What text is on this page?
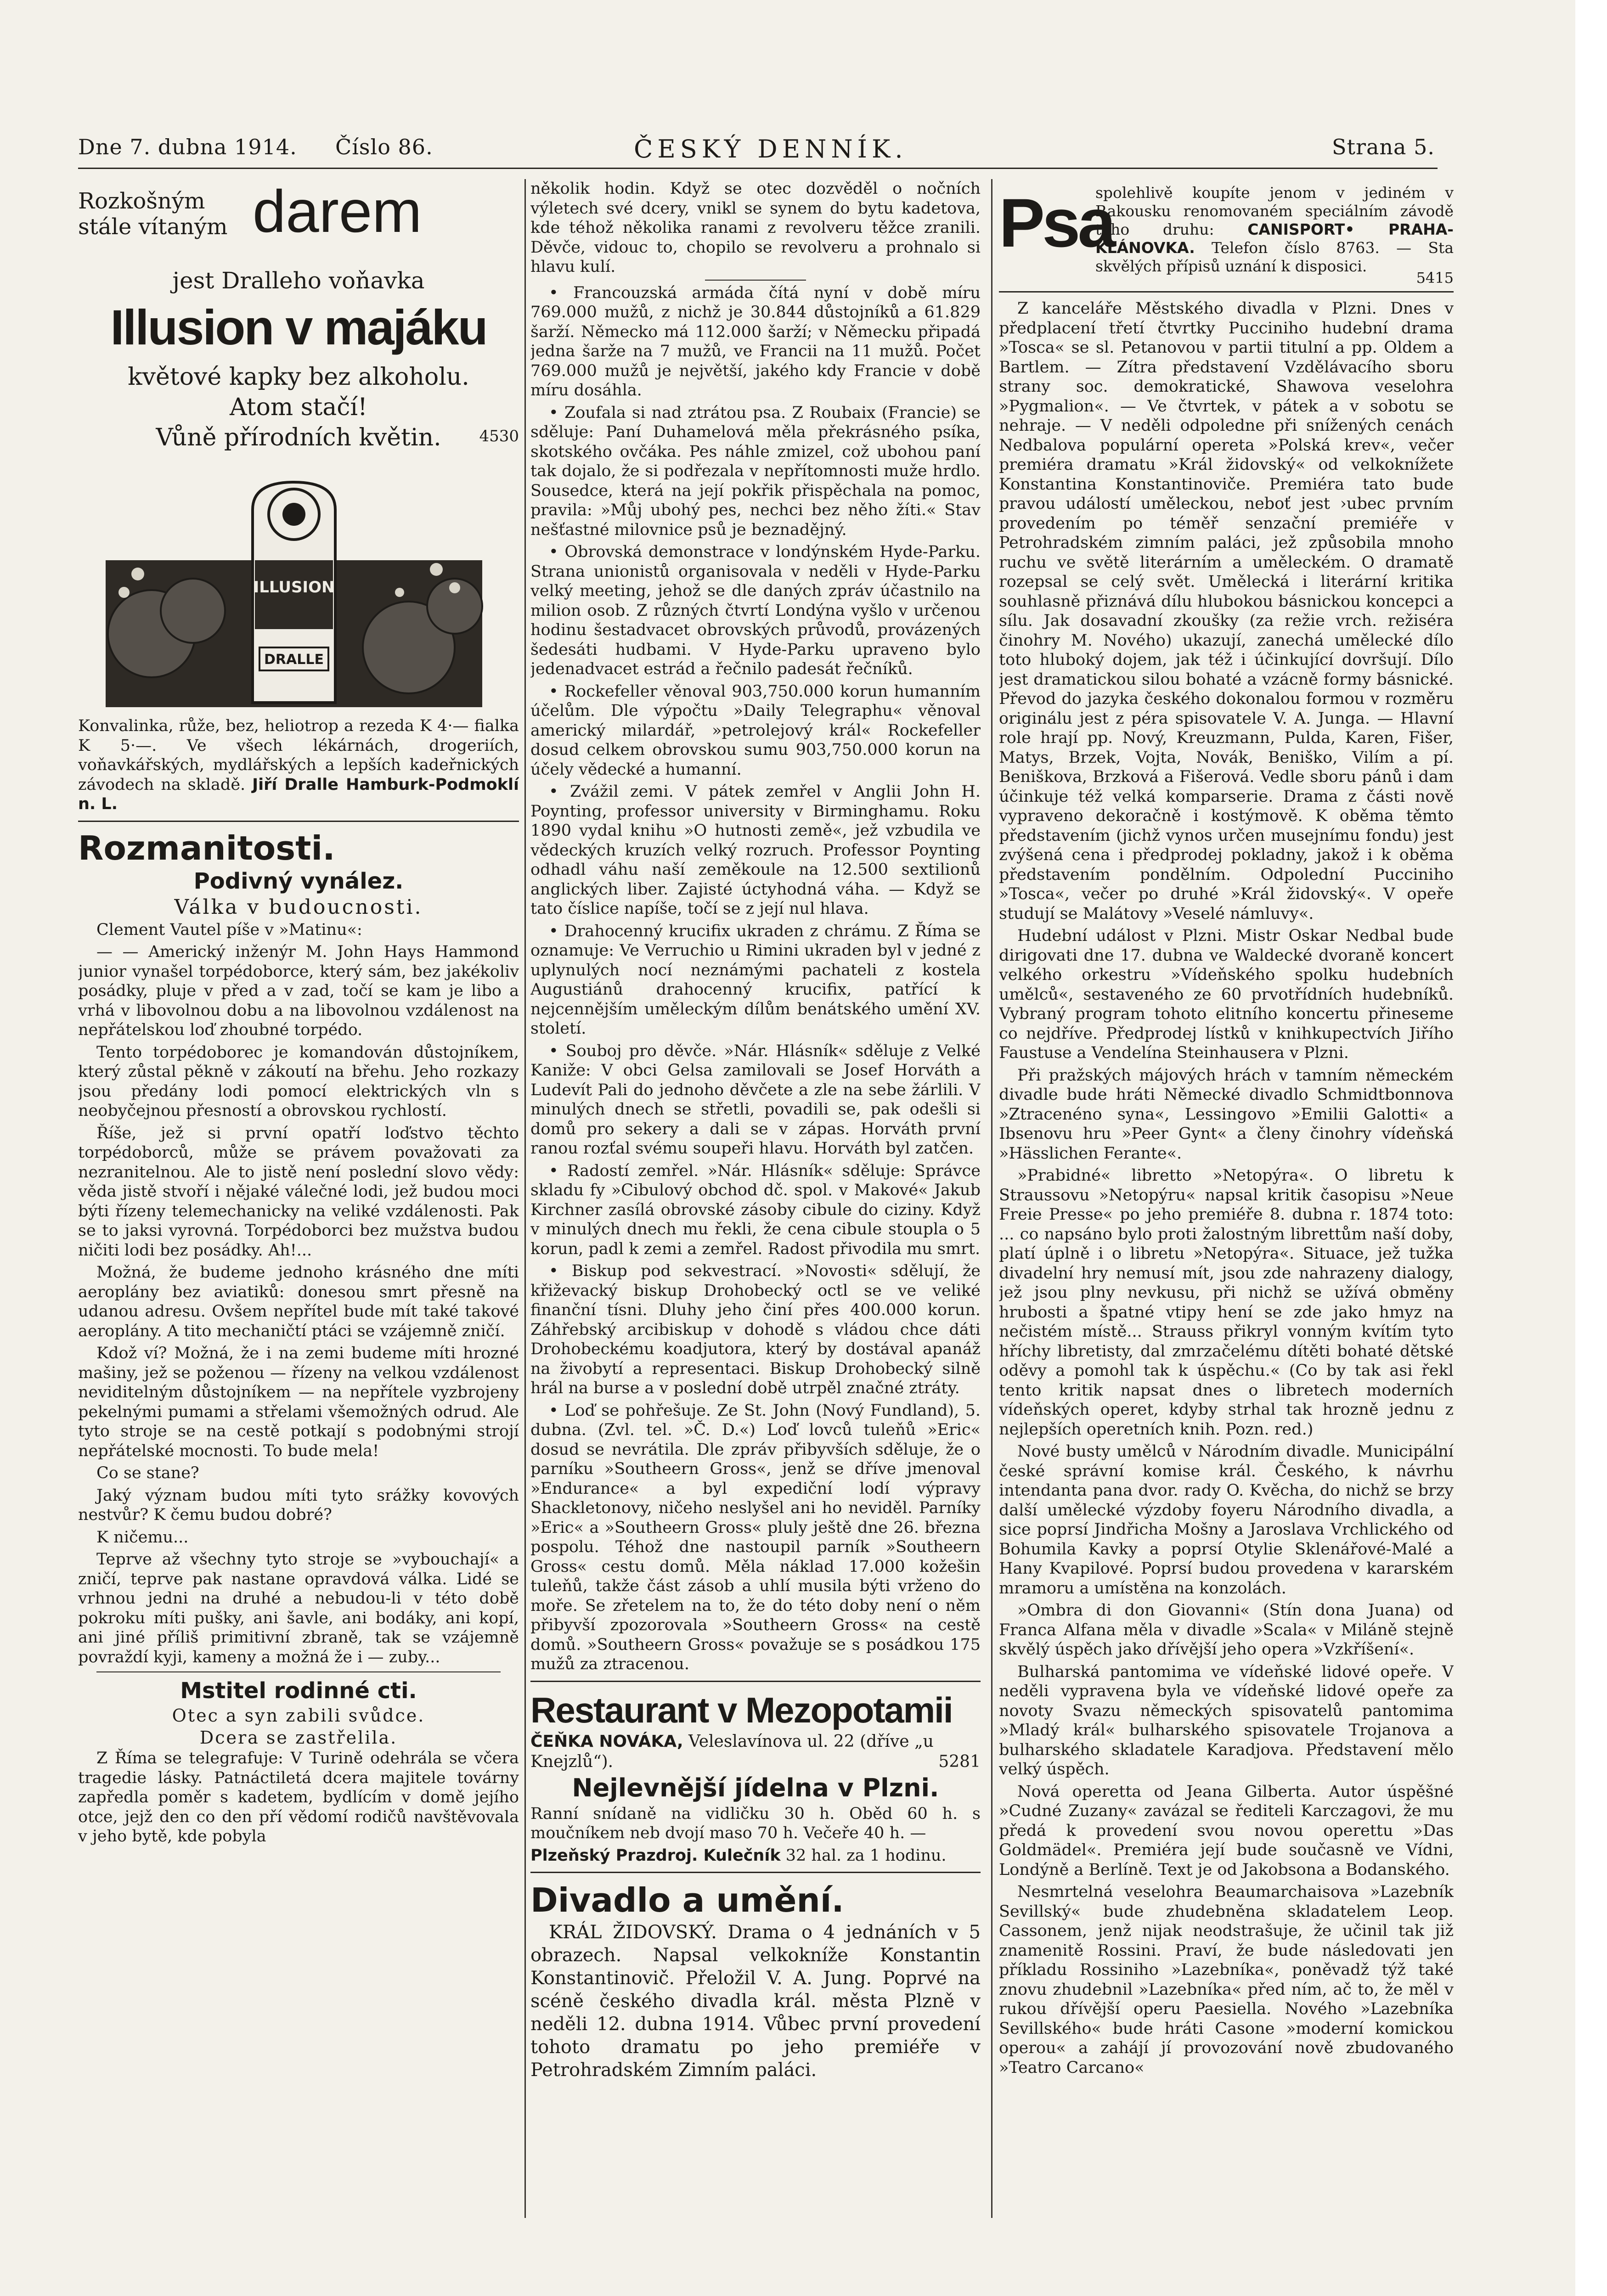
Dne 7. dubna 1914. Číslo 86.	ČESKÝ DENNÍK.	Strana 5.
Rozkošným
stále vítaným darem
jest Dralleho voňavka
Illusion v majáku
květové kapky bez alkoholu.
Atom stačí!
Vůně přírodních květin.	4530
ILLUSION
DRALLE

Konvalinka, růže, bez, heliotrop a rezeda K 4·— fialka K 5·—. Ve všech lékárnách, drogeriích, voňavkářských, mydlářských a lepších kadeřnických závodech na skladě. Jiří Dralle Hamburk-Podmoklí n. L.

Rozmanitosti.
Podivný vynález.
Válka v budoucnosti.

Clement Vautel píše v »Matinu«:

— — Americký inženýr M. John Hays Hammond junior vynašel torpédoborce, který sám, bez jakékoliv posádky, pluje v před a v zad, točí se kam je libo a vrhá v libovolnou dobu a na libovolnou vzdálenost na nepřátelskou loď zhoubné torpédo.

Tento torpédoborec je komandován důstojníkem, který zůstal pěkně v zákoutí na břehu. Jeho rozkazy jsou předány lodi pomocí elektrických vln s neobyčejnou přesností a obrovskou rychlostí.

Říše, jež si první opatří loďstvo těchto torpédoborců, může se právem považovati za nezranitelnou. Ale to jistě není poslední slovo vědy: věda jistě stvoří i nějaké válečné lodi, jež budou moci býti řízeny telemechanicky na veliké vzdálenosti. Pak se to jaksi vyrovná. Torpédoborci bez mužstva budou ničiti lodi bez posádky. Ah!...

Možná, že budeme jednoho krásného dne míti aeroplány bez aviatiků: donesou smrt přesně na udanou adresu. Ovšem nepřítel bude mít také takové aeroplány. A tito mechaničtí ptáci se vzájemně zničí.

Kdož ví? Možná, že i na zemi budeme míti hrozné mašiny, jež se poženou — řízeny na velkou vzdálenost neviditelným důstojníkem — na nepřítele vyzbrojeny pekelnými pumami a střelami všemožných odrud. Ale tyto stroje se na cestě potkají s podobnými strojí nepřátelské mocnosti. To bude mela!

Co se stane?

Jaký význam budou míti tyto srážky kovových nestvůr? K čemu budou dobré?

K ničemu...

Teprve až všechny tyto stroje se »vybouchají« a zničí, teprve pak nastane opravdová válka. Lidé se vrhnou jedni na druhé a nebudou-li v této době pokroku míti pušky, ani šavle, ani bodáky, ani kopí, ani jiné příliš primitivní zbraně, tak se vzájemně povraždí kyji, kameny a možná že i — zuby...

Mstitel rodinné cti.
Otec a syn zabili svůdce.
Dcera se zastřelila.

Z Říma se telegrafuje: V Turině odehrála se včera tragedie lásky. Patnáctiletá dcera majitele továrny zapředla poměr s kadetem, bydlícím v domě jejího otce, jejž den co den pří vědomí rodičů navštěvovala v jeho bytě, kde pobyla

několik hodin. Když se otec dozvěděl o nočních výletech své dcery, vnikl se synem do bytu kadetova, kde téhož několika ranami z revolveru těžce zranili. Děvče, vidouc to, chopilo se revolveru a prohnalo si hlavu kulí.

• Francouzská armáda čítá nyní v době míru 769.000 mužů, z nichž je 30.844 důstojníků a 61.829 šarží. Německo má 112.000 šarží; v Německu připadá jedna šarže na 7 mužů, ve Francii na 11 mužů. Počet 769.000 mužů je největší, jakého kdy Francie v době míru dosáhla.

• Zoufala si nad ztrátou psa. Z Roubaix (Francie) se sděluje: Paní Duhamelová měla překrásného psíka, skotského ovčáka. Pes náhle zmizel, což ubohou paní tak dojalo, že si podřezala v nepřítomnosti muže hrdlo. Sousedce, která na její pokřik přispěchala na pomoc, pravila: »Můj ubohý pes, nechci bez něho žíti.« Stav nešťastné milovnice psů je beznadějný.

• Obrovská demonstrace v londýnském Hyde-Parku. Strana unionistů organisovala v neděli v Hyde-Parku velký meeting, jehož se dle daných zpráv účastnilo na milion osob. Z různých čtvrtí Londýna vyšlo v určenou hodinu šestadvacet obrovských průvodů, provázených šedesáti hudbami. V Hyde-Parku upraveno bylo jedenadvacet estrád a řečnilo padesát řečníků.

• Rockefeller věnoval 903,750.000 korun humanním účelům. Dle výpočtu »Daily Telegraphu« věnoval americký milardář, »petrolejový král« Rockefeller dosud celkem obrovskou sumu 903,750.000 korun na účely vědecké a humanní.

• Zvážil zemi. V pátek zemřel v Anglii John H. Poynting, professor university v Birminghamu. Roku 1890 vydal knihu »O hutnosti země«, jež vzbudila ve vědeckých kruzích velký rozruch. Professor Poynting odhadl váhu naší zeměkoule na 12.500 sextilionů anglických liber. Zajisté úctyhodná váha. — Když se tato číslice napíše, točí se z její nul hlava.

• Drahocenný krucifix ukraden z chrámu. Z Říma se oznamuje: Ve Verruchio u Rimini ukraden byl v jedné z uplynulých nocí neznámými pachateli z kostela Augustiánů drahocenný krucifix, patřící k nejcennějším uměleckým dílům benátského umění XV. století.

• Souboj pro děvče. »Nár. Hlásník« sděluje z Velké Kaniže: V obci Gelsa zamilovali se Josef Horváth a Ludevít Pali do jednoho děvčete a zle na sebe žárlili. V minulých dnech se střetli, povadili se, pak odešli si domů pro sekery a dali se v zápas. Horváth první ranou rozťal svému soupeři hlavu. Horváth byl zatčen.

• Radostí zemřel. »Nár. Hlásník« sděluje: Správce skladu fy »Cibulový obchod dč. spol. v Makové« Jakub Kirchner zasílá obrovské zásoby cibule do ciziny. Když v minulých dnech mu řekli, že cena cibule stoupla o 5 korun, padl k zemi a zemřel. Radost přivodila mu smrt.

• Biskup pod sekvestrací. »Novosti« sdělují, že křiževacký biskup Drohobecký octl se ve veliké finanční tísni. Dluhy jeho činí přes 400.000 korun. Záhřebský arcibiskup v dohodě s vládou chce dáti Drohobeckému koadjutora, který by dostával apanáž na živobytí a representaci. Biskup Drohobecký silně hrál na burse a v poslední době utrpěl značné ztráty.

• Loď se pohřešuje. Ze St. John (Nový Fundland), 5. dubna. (Zvl. tel. »Č. D.«) Loď lovců tuleňů »Eric« dosud se nevrátila. Dle zpráv přibyvších sděluje, že o parníku »Southeern Gross«, jenž se dříve jmenoval »Endurance« a byl expediční lodí výpravy Shackletonovy, ničeho neslyšel ani ho neviděl. Parníky »Eric« a »Southeern Gross« pluly ještě dne 26. března pospolu. Téhož dne nastoupil parník »Southeern Gross« cestu domů. Měla náklad 17.000 kožešin tuleňů, takže část zásob a uhlí musila býti vrženo do moře. Se zřetelem na to, že do této doby není o něm přibyvší zpozorovala »Southeern Gross« na cestě domů. »Southeern Gross« považuje se s posádkou 175 mužů za ztracenou.

Restaurant v Mezopotamii
ČEŇKA NOVÁKA, Veleslavínova ul. 22 (dříve „u Knejzlů“).	5281
Nejlevnější jídelna v Plzni.

Ranní snídaně na vidličku 30 h. Oběd 60 h. s moučníkem neb dvojí maso 70 h. Večeře 40 h. —

Plzeňský Prazdroj. Kulečník 32 hal. za 1 hodinu.

Divadlo a umění.

KRÁL ŽIDOVSKÝ. Drama o 4 jednáních v 5 obrazech. Napsal velkokníže Konstantin Konstantinovič. Přeložil V. A. Jung. Poprvé na scéně českého divadla král. města Plzně v neděli 12. dubna 1914. Vůbec první provedení tohoto dramatu po jeho premiéře v Petrohradském Zimním paláci.

Psa
spolehlivě koupíte jenom v jediném v Rakousku renomovaném speciálním závodě toho druhu: CANISPORT• PRAHA-KLÁNOVKA. Telefon číslo 8763. — Sta skvělých přípisů uznání k disposici.
5415

Z kanceláře Městského divadla v Plzni. Dnes v předplacení třetí čtvrtky Pucciniho hudební drama »Tosca« se sl. Petanovou v partii titulní a pp. Oldem a Bartlem. — Zítra představení Vzdělávacího sboru strany soc. demokratické, Shawova veselohra »Pygmalion«. — Ve čtvrtek, v pátek a v sobotu se nehraje. — V neděli odpoledne při snížených cenách Nedbalova populární opereta »Polská krev«, večer premiéra dramatu »Král židovský« od velkoknížete Konstantina Konstantinoviče. Premiéra tato bude pravou událostí uměleckou, neboť jest ›ubec prvním provedením po téměř senzační premiéře v Petrohradském zimním paláci, jež způsobila mnoho ruchu ve světě literárním a uměleckém. O dramatě rozepsal se celý svět. Umělecká i literární kritika souhlasně přiznává dílu hlubokou básnickou koncepci a sílu. Jak dosavadní zkoušky (za režie vrch. režiséra činohry M. Nového) ukazují, zanechá umělecké dílo toto hluboký dojem, jak též i účinkující dovršují. Dílo jest dramatickou silou bohaté a vzácně formy básnické. Převod do jazyka českého dokonalou formou v rozměru originálu jest z péra spisovatele V. A. Junga. — Hlavní role hrají pp. Nový, Kreuzmann, Pulda, Karen, Fišer, Matys, Brzek, Vojta, Novák, Beniško, Vilím a pí. Beniškova, Brzková a Fišerová. Vedle sboru pánů i dam účinkuje též velká komparserie. Drama z části nově vypraveno dekoračně i kostýmově. K oběma těmto představením (jichž vynos určen musejnímu fondu) jest zvýšená cena i předprodej pokladny, jakož i k oběma představením pondělním. Odpolední Pucciniho »Tosca«, večer po druhé »Král židovský«. V opeře studují se Malátovy »Veselé námluvy«.

Hudební událost v Plzni. Mistr Oskar Nedbal bude dirigovati dne 17. dubna ve Waldecké dvoraně koncert velkého orkestru »Vídeňského spolku hudebních umělců«, sestaveného ze 60 prvotřídních hudebníků. Vybraný program tohoto elitního koncertu přineseme co nejdříve. Předprodej lístků v knihkupectvích Jiřího Faustuse a Vendelína Steinhausera v Plzni.

Při pražských májových hrách v tamním německém divadle bude hráti Německé divadlo Schmidtbonnova »Ztracenéno syna«, Lessingovo »Emilii Galotti« a Ibsenovu hru »Peer Gynt« a členy činohry vídeňská »Hässlichen Ferante«.

»Prabidné« libretto »Netopýra«. O libretu k Straussovu »Netopýru« napsal kritik časopisu »Neue Freie Presse« po jeho premiéře 8. dubna r. 1874 toto: ... co napsáno bylo proti žalostným librettům naší doby, platí úplně i o libretu »Netopýra«. Situace, jež tužka divadelní hry nemusí mít, jsou zde nahrazeny dialogy, jež jsou plny nevkusu, při nichž se užívá obměny hrubosti a špatné vtipy hení se zde jako hmyz na nečistém místě... Strauss přikryl vonným kvítím tyto hříchy libretisty, dal zmrzačelému dítěti bohaté dětské oděvy a pomohl tak k úspěchu.« (Co by tak asi řekl tento kritik napsat dnes o libretech moderních vídeňských operet, kdyby strhal tak hrozně jednu z nejlepších operetních knih. Pozn. red.)

Nové busty umělců v Národním divadle. Municipální české správní komise král. Českého, k návrhu intendanta pana dvor. rady O. Kvěcha, do nichž se brzy další umělecké výzdoby foyeru Národního divadla, a sice poprsí Jindřicha Mošny a Jaroslava Vrchlického od Bohumila Kavky a poprsí Otylie Sklenářové-Malé a Hany Kvapilové. Poprsí budou provedena v kararském mramoru a umístěna na konzolách.

»Ombra di don Giovanni« (Stín dona Juana) od Franca Alfana měla v divadle »Scala« v Miláně stejně skvělý úspěch jako dřívější jeho opera »Vzkříšení«.

Bulharská pantomima ve vídeňské lidové opeře. V neděli vypravena byla ve vídeňské lidové opeře za novoty Svazu německých spisovatelů pantomima »Mladý král« bulharského spisovatele Trojanova a bulharského skladatele Karadjova. Představení mělo velký úspěch.

Nová operetta od Jeana Gilberta. Autor úspěšné »Cudné Zuzany« zavázal se řediteli Karczagovi, že mu předá k provedení svou novou operettu »Das Goldmädel«. Premiéra její bude současně ve Vídni, Londýně a Berlíně. Text je od Jakobsona a Bodanského.

Nesmrtelná veselohra Beaumarchaisova »Lazebník Sevillský« bude zhudebněna skladatelem Leop. Cassonem, jenž nijak neodstrašuje, že učinil tak již znamenitě Rossini. Praví, že bude následovati jen příkladu Rossiniho »Lazebníka«, poněvadž týž také znovu zhudebnil »Lazebníka« před ním, ač to, že měl v rukou dřívější operu Paesiella. Nového »Lazebníka Sevillského« bude hráti Casone »moderní komickou operou« a zahájí jí provozování nově zbudovaného »Teatro Carcano«
